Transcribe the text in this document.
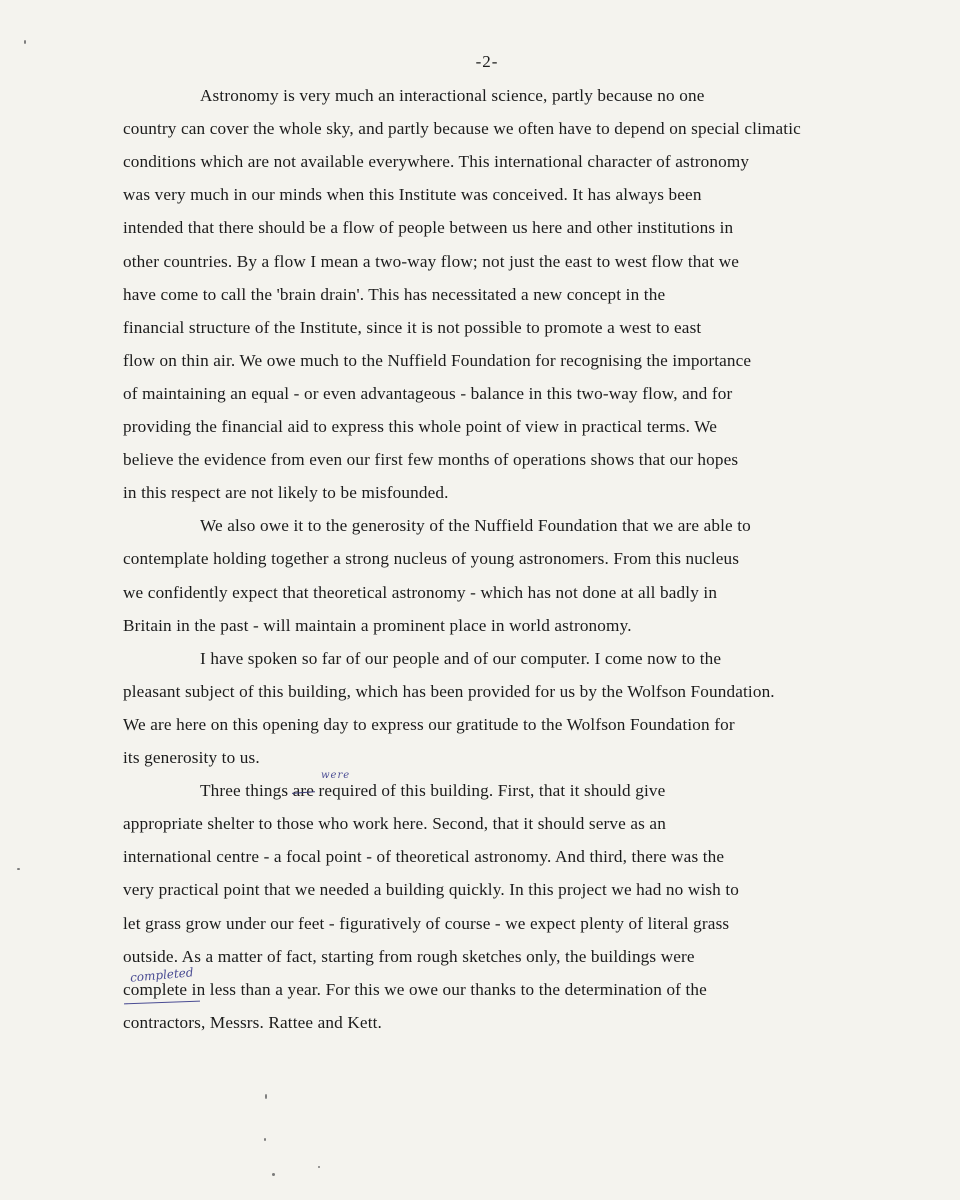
-2-
Astronomy is very much an interactional science, partly because no one
country can cover the whole sky, and partly because we often have to depend on special climatic
conditions which are not available everywhere. This international character of astronomy
was very much in our minds when this Institute was conceived. It has always been
intended that there should be a flow of people between us here and other institutions in
other countries. By a flow I mean a two-way flow; not just the east to west flow that we
have come to call the 'brain drain'. This has necessitated a new concept in the
financial structure of the Institute, since it is not possible to promote a west to east
flow on thin air. We owe much to the Nuffield Foundation for recognising the importance
of maintaining an equal - or even advantageous - balance in this two-way flow, and for
providing the financial aid to express this whole point of view in practical terms. We
believe the evidence from even our first few months of operations shows that our hopes
in this respect are not likely to be misfounded.
We also owe it to the generosity of the Nuffield Foundation that we are able to
contemplate holding together a strong nucleus of young astronomers. From this nucleus
we confidently expect that theoretical astronomy - which has not done at all badly in
Britain in the past - will maintain a prominent place in world astronomy.
I have spoken so far of our people and of our computer. I come now to the
pleasant subject of this building, which has been provided for us by the Wolfson Foundation.
We are here on this opening day to express our gratitude to the Wolfson Foundation for
its generosity to us.
Three things are required of this building. First, that it should give
were
appropriate shelter to those who work here. Second, that it should serve as an
international centre - a focal point - of theoretical astronomy. And third, there was the
very practical point that we needed a building quickly. In this project we had no wish to
let grass grow under our feet - figuratively of course - we expect plenty of literal grass
outside. As a matter of fact, starting from rough sketches only, the buildings were
complete in less than a year. For this we owe our thanks to the determination of the
completed
contractors, Messrs. Rattee and Kett.
